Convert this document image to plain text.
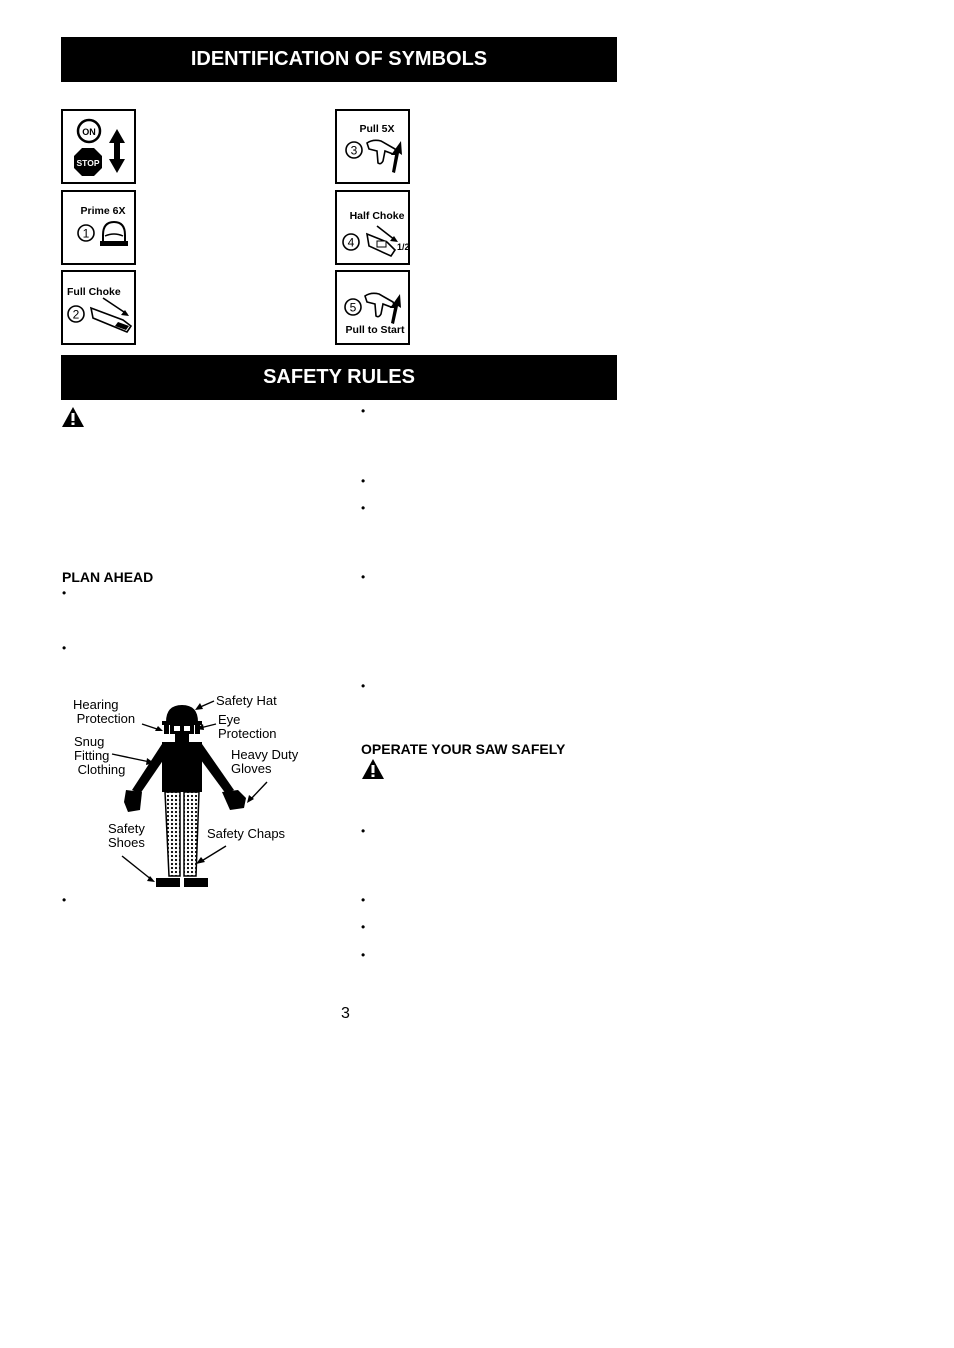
IDENTIFICATION OF SYMBOLS
ON
STOP
Prime 6X
1
Full Choke
2
Pull 5X
3
Half Choke
4	1/2
5
Pull to Start
SAFETY RULES
PLAN AHEAD
•
•
Hearing
Protection
Safety Hat
Eye
Protection
Snug
Fitting
Clothing
Heavy Duty
Gloves
Safety
Shoes
Safety Chaps
•
•
•
•
•
•
OPERATE YOUR SAW SAFELY
•
•
•
•
3
